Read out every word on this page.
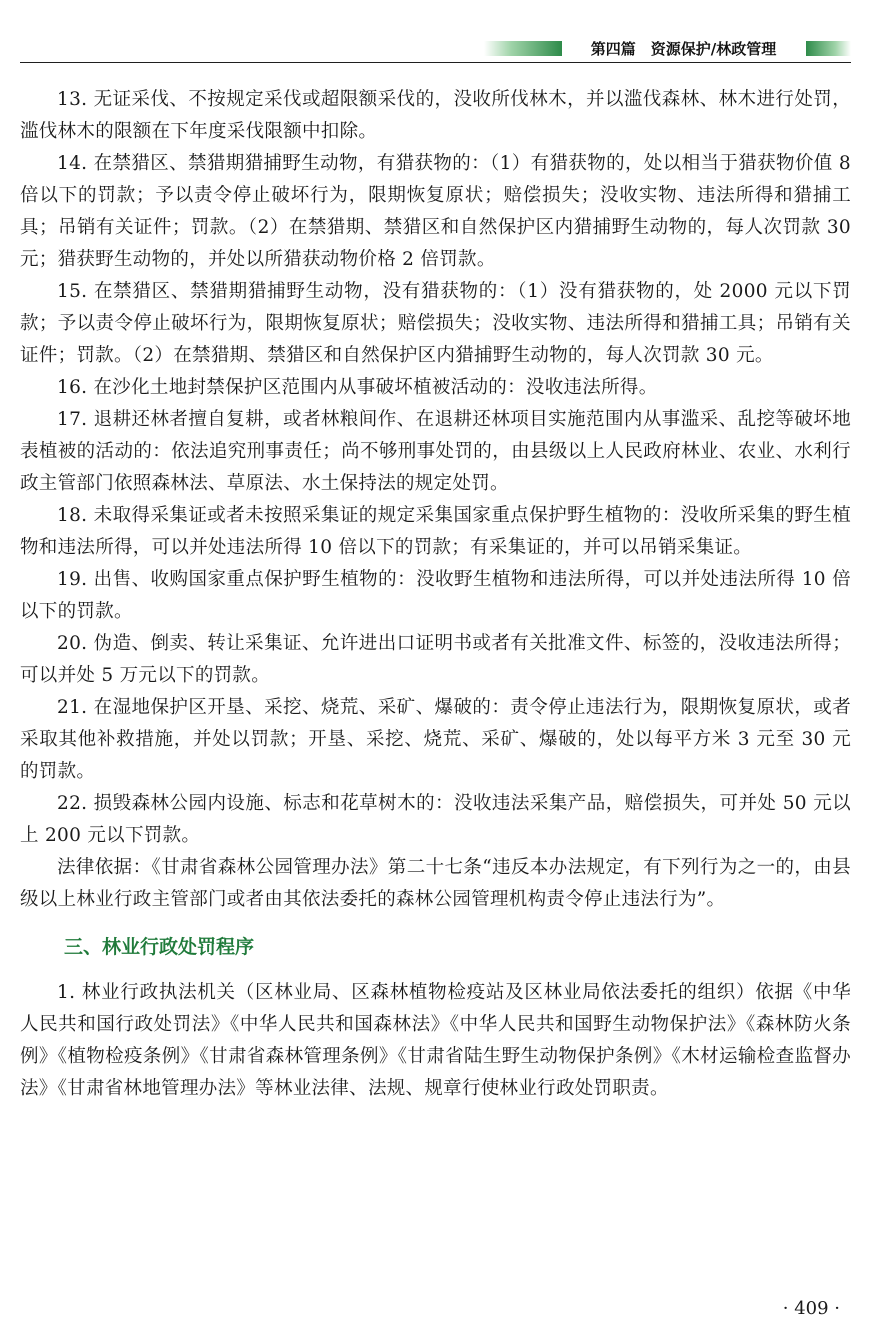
第四篇　资源保护/林政管理

13. 无证采伐、不按规定采伐或超限额采伐的，没收所伐林木，并以滥伐森林、林木进行处罚，滥伐林木的限额在下年度采伐限额中扣除。

14. 在禁猎区、禁猎期猎捕野生动物，有猎获物的：（1）有猎获物的，处以相当于猎获物价值 8 倍以下的罚款；予以责令停止破坏行为，限期恢复原状；赔偿损失；没收实物、违法所得和猎捕工具；吊销有关证件；罚款。（2）在禁猎期、禁猎区和自然保护区内猎捕野生动物的，每人次罚款 30 元；猎获野生动物的，并处以所猎获动物价格 2 倍罚款。

15. 在禁猎区、禁猎期猎捕野生动物，没有猎获物的：（1）没有猎获物的，处 2000 元以下罚款；予以责令停止破坏行为，限期恢复原状；赔偿损失；没收实物、违法所得和猎捕工具；吊销有关证件；罚款。（2）在禁猎期、禁猎区和自然保护区内猎捕野生动物的，每人次罚款 30 元。

16. 在沙化土地封禁保护区范围内从事破坏植被活动的：没收违法所得。

17. 退耕还林者擅自复耕，或者林粮间作、在退耕还林项目实施范围内从事滥采、乱挖等破坏地表植被的活动的：依法追究刑事责任；尚不够刑事处罚的，由县级以上人民政府林业、农业、水利行政主管部门依照森林法、草原法、水土保持法的规定处罚。

18. 未取得采集证或者未按照采集证的规定采集国家重点保护野生植物的：没收所采集的野生植物和违法所得，可以并处违法所得 10 倍以下的罚款；有采集证的，并可以吊销采集证。

19. 出售、收购国家重点保护野生植物的：没收野生植物和违法所得，可以并处违法所得 10 倍以下的罚款。

20. 伪造、倒卖、转让采集证、允许进出口证明书或者有关批准文件、标签的，没收违法所得；可以并处 5 万元以下的罚款。

21. 在湿地保护区开垦、采挖、烧荒、采矿、爆破的：责令停止违法行为，限期恢复原状，或者采取其他补救措施，并处以罚款；开垦、采挖、烧荒、采矿、爆破的，处以每平方米 3 元至 30 元的罚款。

22. 损毁森林公园内设施、标志和花草树木的：没收违法采集产品，赔偿损失，可并处 50 元以上 200 元以下罚款。

法律依据：《甘肃省森林公园管理办法》第二十七条“违反本办法规定，有下列行为之一的，由县级以上林业行政主管部门或者由其依法委托的森林公园管理机构责令停止违法行为”。

三、林业行政处罚程序

1. 林业行政执法机关（区林业局、区森林植物检疫站及区林业局依法委托的组织）依据《中华人民共和国行政处罚法》《中华人民共和国森林法》《中华人民共和国野生动物保护法》《森林防火条例》《植物检疫条例》《甘肃省森林管理条例》《甘肃省陆生野生动物保护条例》《木材运输检查监督办法》《甘肃省林地管理办法》等林业法律、法规、规章行使林业行政处罚职责。

· 409 ·
